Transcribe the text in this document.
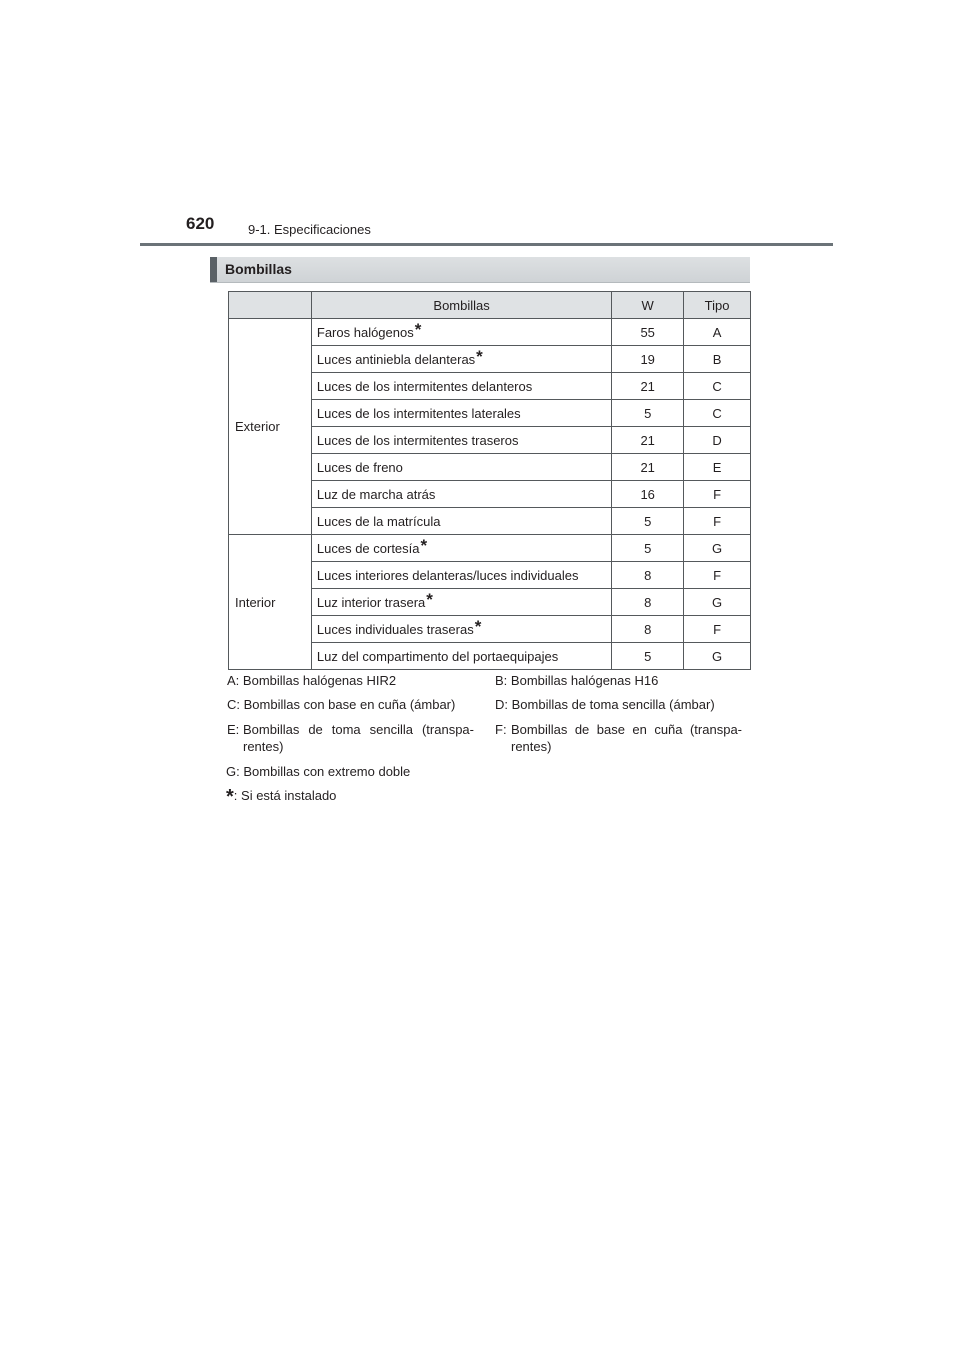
620	9-1. Especificaciones
Bombillas
	Bombillas	W	Tipo
Exterior	Faros halógenos*	55	A
	Luces antiniebla delanteras*	19	B
	Luces de los intermitentes delanteros	21	C
	Luces de los intermitentes laterales	5	C
	Luces de los intermitentes traseros	21	D
	Luces de freno	21	E
	Luz de marcha atrás	16	F
	Luces de la matrícula	5	F
Interior	Luces de cortesía*	5	G
	Luces interiores delanteras/luces individuales	8	F
	Luz interior trasera*	8	G
	Luces individuales traseras*	8	F
	Luz del compartimento del portaequipajes	5	G
A: Bombillas halógenas HIR2	B: Bombillas halógenas H16
C: Bombillas con base en cuña (ámbar)	D: Bombillas de toma sencilla (ámbar)
E: Bombillas de toma sencilla (transpa-
rentes)
F: Bombillas de base en cuña (transpa-
rentes)
G: Bombillas con extremo doble
*: Si está instalado
